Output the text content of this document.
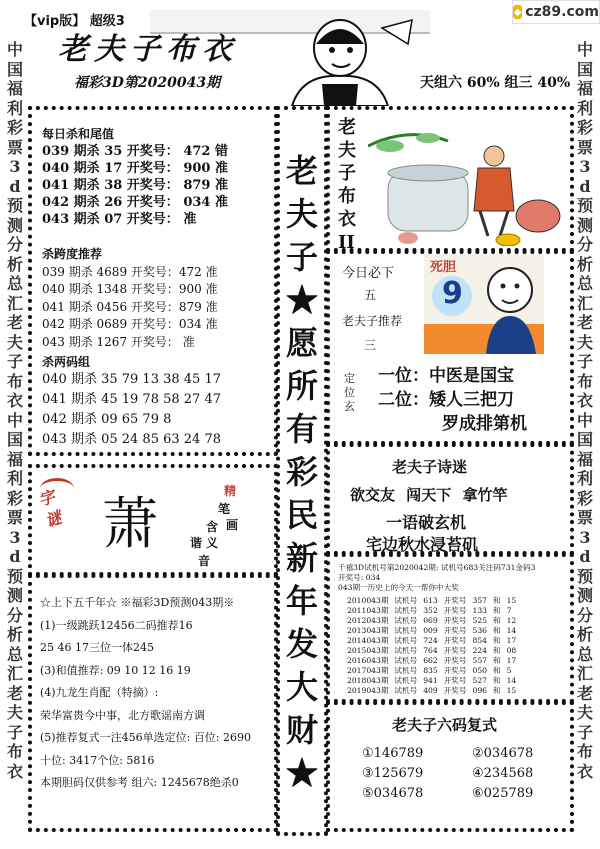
【vip版】 超级3
◆ cz89.com
中国福利彩票3d预测分析总汇老夫子布衣中国福利彩票3d预测分析总汇老夫子布衣
中国福利彩票3d预测分析总汇老夫子布衣中国福利彩票3d预测分析总汇老夫子布衣
老夫子布衣
福彩3D第2020043期	天组六 60% 组三 40%
每日杀和尾值
039 期杀 35 开奖号： 472 错
040 期杀 17 开奖号： 900 准
041 期杀 38 开奖号： 879 准
042 期杀 26 开奖号： 034 准
043 期杀 07 开奖号： 准
杀跨度推荐
039 期杀 4689 开奖号：472 准
040 期杀 1348 开奖号：900 准
041 期杀 0456 开奖号：879 准
042 期杀 0689 开奖号：034 准
043 期杀 1267 开奖号： 准
杀两码组
040 期杀 35 79 13 38 45 17
041 期杀 45 19 78 58 27 47
042 期杀 09 65 79 8
043 期杀 05 24 85 63 24 78
老夫子★愿所有彩民新年发大财★
老夫子布衣II
今日必下
五
老夫子推荐
三
定位玄
死胆
9
一位：中医是国宝
二位：矮人三把刀
罗成排第机
字谜 萧
精
笔
画
含
谐 义
音
老夫子诗迷
欲交友 闯天下 拿竹竿
一语破玄机
宅边秋水浸苔矶
☆上下五千年☆ ※福彩3D预测043期※
(1)一级跳跃12456二码推荐16
25 46 17三位一体245
(3)和值推荐: 09 10 12 16 19
(4)九龙生肖配（特摘）:
荣华富贵今中事，北方歌谣南方调
(5)推荐复式一注456单选定位: 百位: 2690
十位: 3417个位: 5816
本期胆码仅供参考 组六: 1245678绝杀0
千禧3D试机号第2020042期: 试机号683关注码731金码3
开奖号: 034
043期一历史上的今天一帮你中大奖
2010043期	试机号	613	开奖号	357	和	15
2011043期	试机号	352	开奖号	133	和	7
2012043期	试机号	069	开奖号	525	和	12
2013043期	试机号	009	开奖号	536	和	14
2014043期	试机号	724	开奖号	854	和	17
2015043期	试机号	764	开奖号	224	和	08
2016043期	试机号	662	开奖号	557	和	17
2017043期	试机号	835	开奖号	050	和	5
2018043期	试机号	941	开奖号	527	和	14
2019043期	试机号	409	开奖号	096	和	15
老夫子六码复式
①146789	②034678
③125679	④234568
⑤034678	⑥025789
